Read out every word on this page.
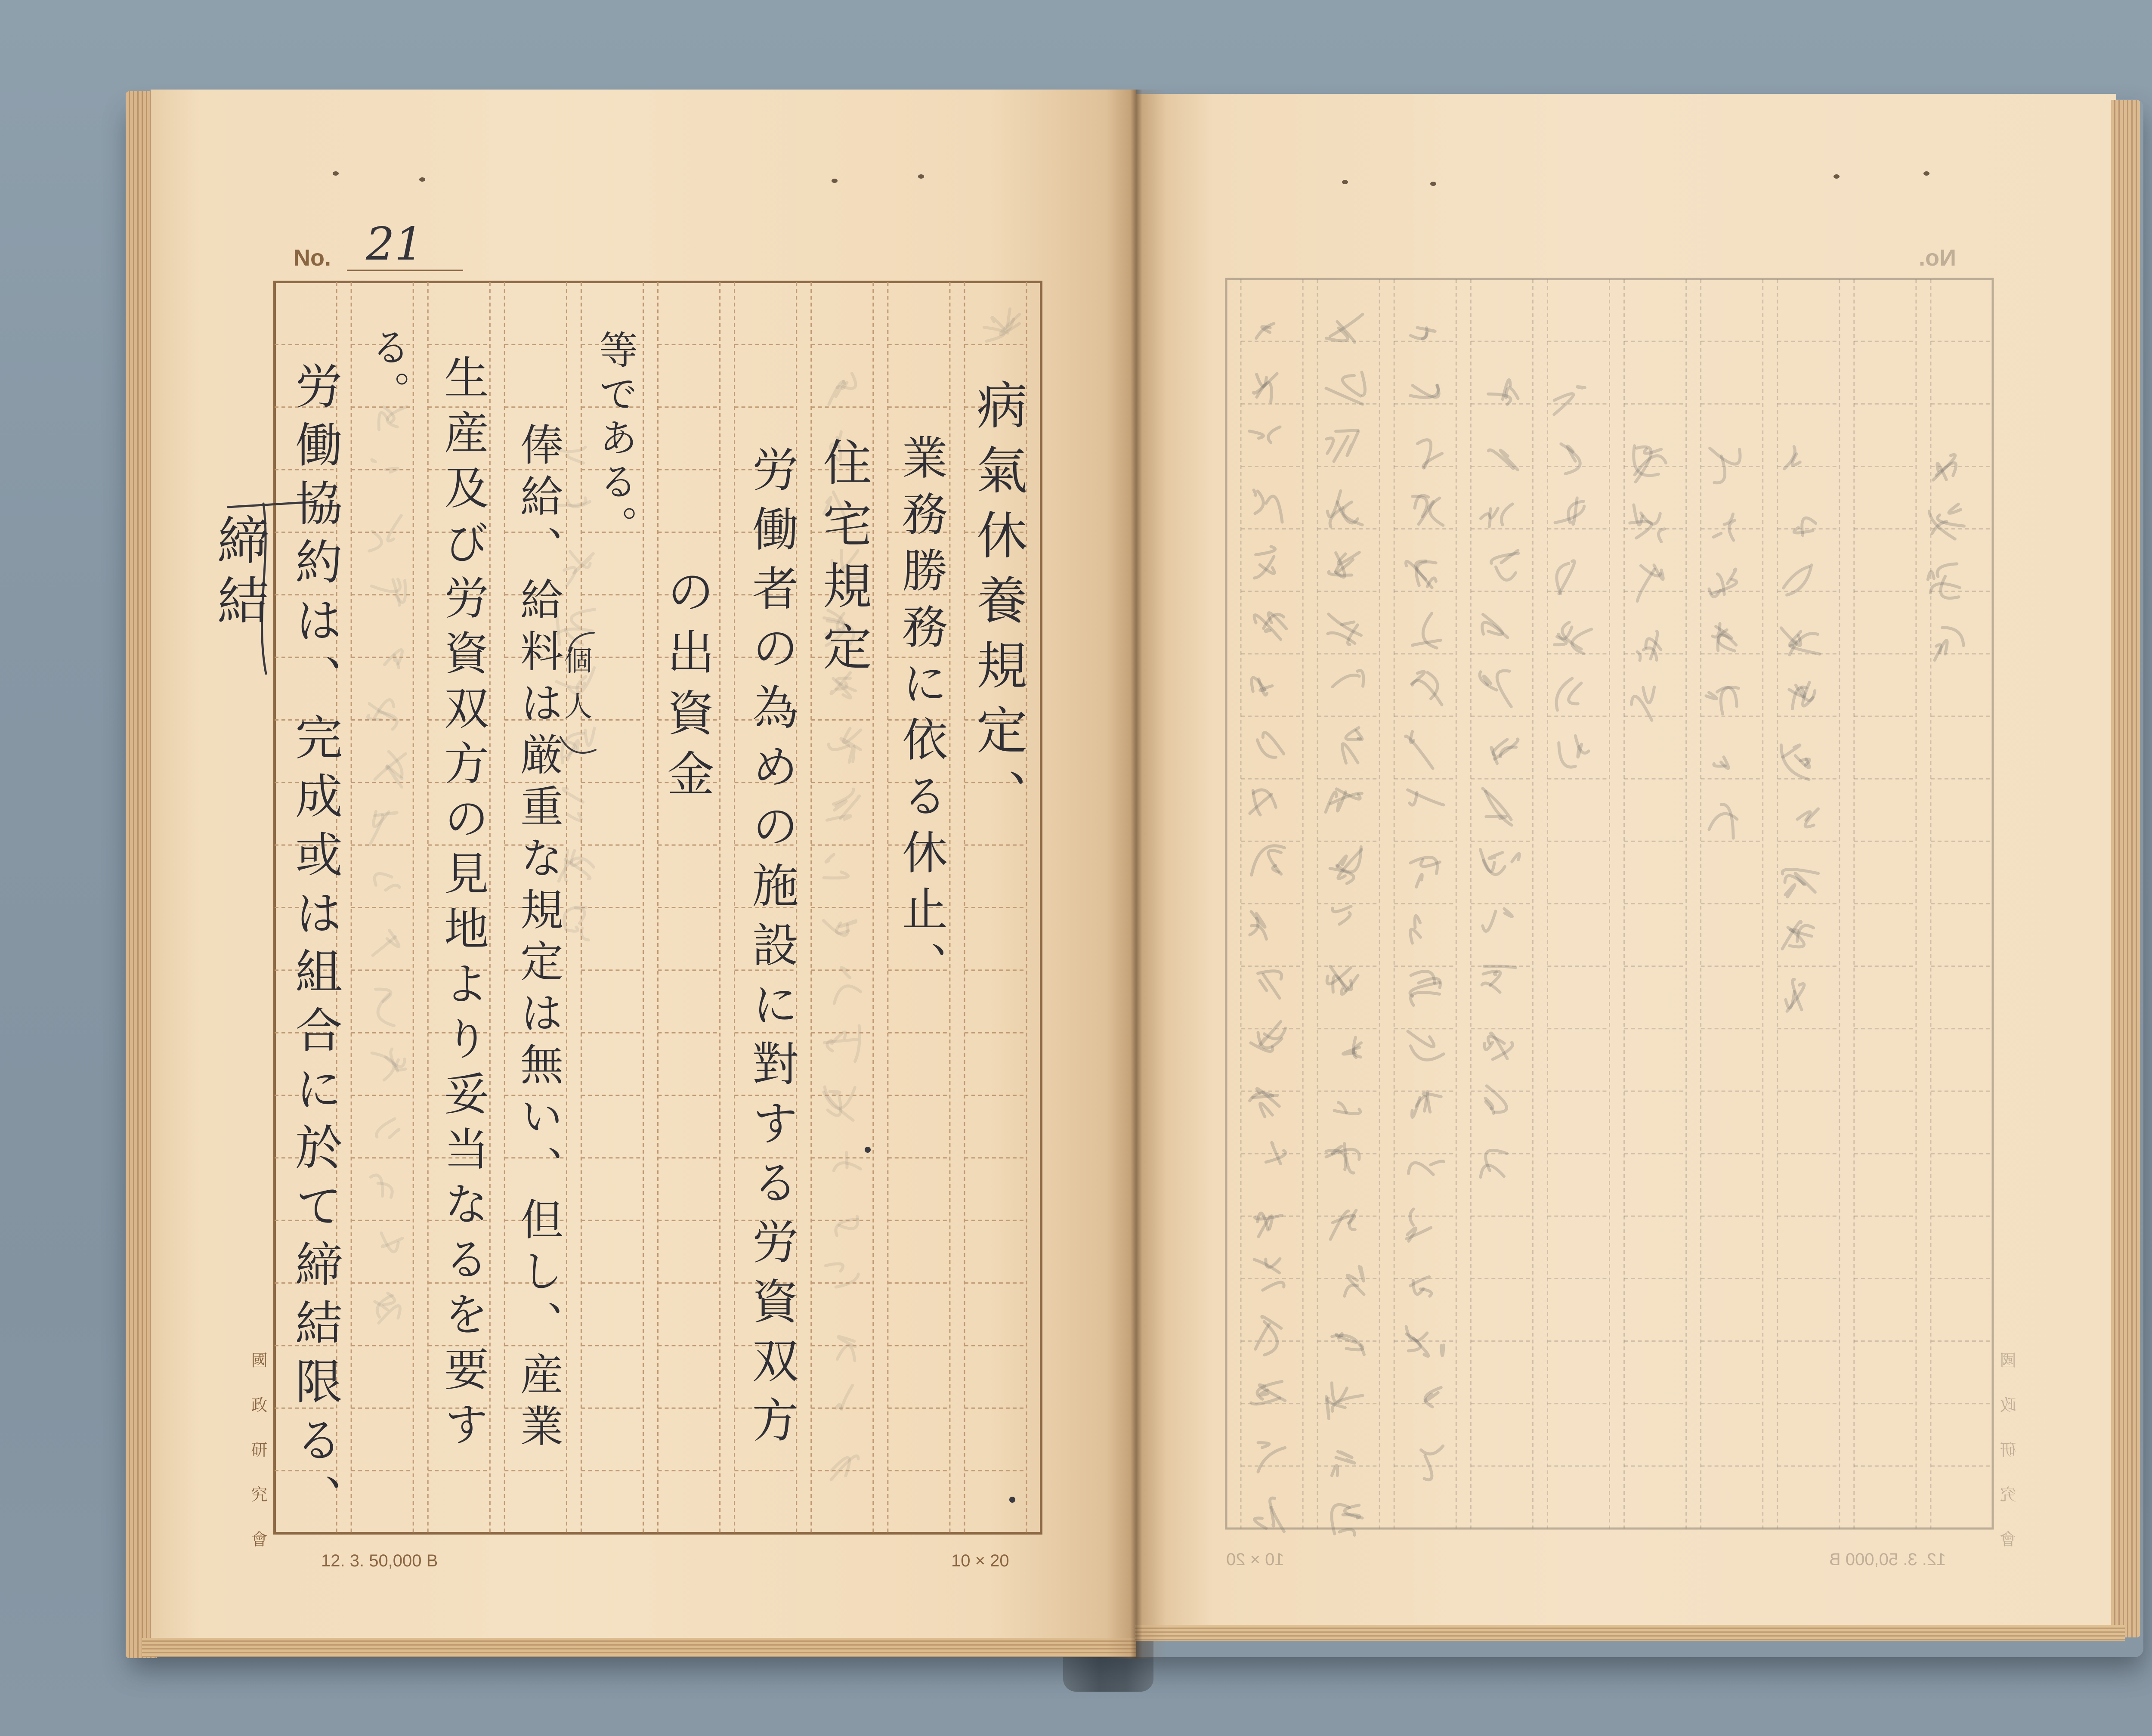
No. 21
病氣休養規定、
業務勝務に依る休止、
住宅規定
労働者の為めの施設に對する労資双方
の出資金
等である。
俸給、給料は厳重な規定は無い、但し、産業
生産及び労資双方の見地より妥当なるを要す
る。
労働協約は、完成或は組合に於て締結限る、	個人
締結
國政研究會	12. 3. 50,000 B	10 × 20
No.
10 × 20	12. 3. 50,000 B	國政研究會
